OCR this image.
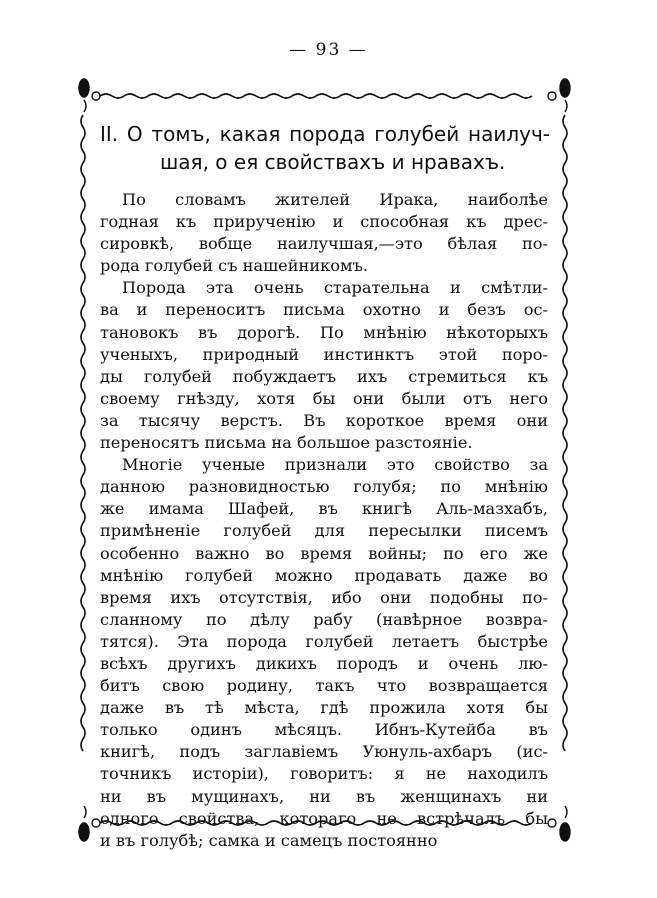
— 93 —
II. О томъ, какая порода голубей наилуч-
шая, о ея свойствахъ и нравахъ.
По словамъ жителей Ирака, наиболѣе
годная къ прирученію и способная къ дрес-
сировкѣ, вобще наилучшая,—это бѣлая по-
рода голубей съ нашейникомъ.
Порода эта очень старательна и смѣтли-
ва и переноситъ письма охотно и безъ ос-
тановокъ въ дорогѣ. По мнѣнію нѣкоторыхъ
ученыхъ, природный инстинктъ этой поро-
ды голубей побуждаетъ ихъ стремиться къ
своему гнѣзду, хотя бы они были отъ него
за тысячу верстъ. Въ короткое время они
переносятъ письма на большое разстояніе.
Многіе ученые признали это свойство за
данною разновидностью голубя; по мнѣнію
же имама Шафей, въ книгѣ Аль-мазхабъ,
примѣненіе голубей для пересылки писемъ
особенно важно во время войны; по его же
мнѣнію голубей можно продавать даже во
время ихъ отсутствія, ибо они подобны по-
сланному по дѣлу рабу (навѣрное возвра-
тятся). Эта порода голубей летаетъ быстрѣе
всѣхъ другихъ дикихъ породъ и очень лю-
битъ свою родину, такъ что возвращается
даже въ тѣ мѣста, гдѣ прожила хотя бы
только одинъ мѣсяцъ. Ибнъ-Кутейба въ
книгѣ, подъ заглавіемъ Уюнуль-ахбаръ (ис-
точникъ исторіи), говоритъ: я не находилъ
ни въ мущинахъ, ни въ женщинахъ ни
одного свойства, котораго не встрѣчалъ бы
и въ голубѣ; самка и самецъ постоянно
